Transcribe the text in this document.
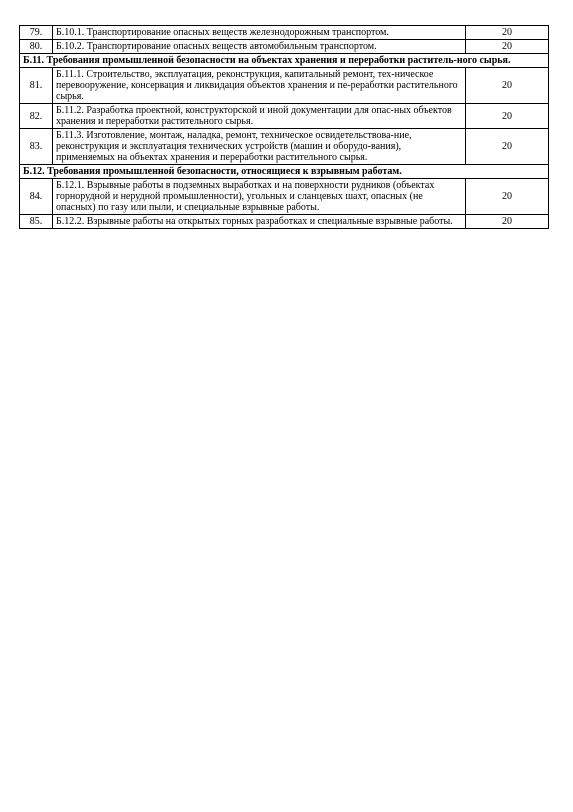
79.	Б.10.1. Транспортирование опасных веществ железнодорожным транспортом.	20
80.	Б.10.2. Транспортирование опасных веществ автомобильным транспортом.	20
Б.11. Требования промышленной безопасности на объектах хранения и переработки раститель-ного сырья.		
81.	Б.11.1. Строительство, эксплуатация, реконструкция, капитальный ремонт, тех-ническое перевооружение, консервация и ликвидация объектов хранения и пе-реработки растительного сырья.	20
82.	Б.11.2. Разработка проектной, конструкторской и иной документации для опас-ных объектов хранения и переработки растительного сырья.	20
83.	Б.11.3. Изготовление, монтаж, наладка, ремонт, техническое освидетельствова-ние, реконструкция и эксплуатация технических устройств (машин и оборудо-вания), применяемых на объектах хранения и переработки растительного сырья.	20
Б.12. Требования промышленной безопасности, относящиеся к взрывным работам.		
84.	Б.12.1. Взрывные работы в подземных выработках и на поверхности рудников (объектах горнорудной и нерудной промышленности), угольных и сланцевых шахт, опасных (не опасных) по газу или пыли, и специальные взрывные работы.	20
85.	Б.12.2. Взрывные работы на открытых горных разработках и специальные взрывные работы.	20
